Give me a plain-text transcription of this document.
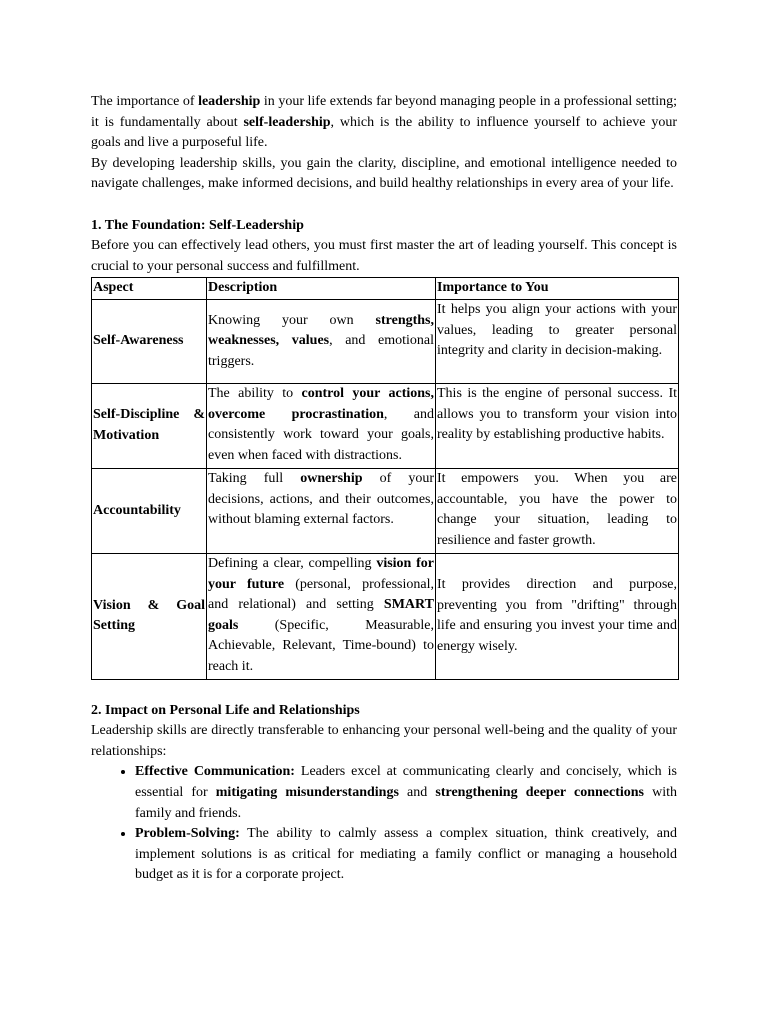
The importance of leadership in your life extends far beyond managing people in a professional setting; it is fundamentally about self-leadership, which is the ability to influence yourself to achieve your goals and live a purposeful life.

By developing leadership skills, you gain the clarity, discipline, and emotional intelligence needed to navigate challenges, make informed decisions, and build healthy relationships in every area of your life.

1. The Foundation: Self-Leadership

Before you can effectively lead others, you must first master the art of leading yourself. This concept is crucial to your personal success and fulfillment.

Aspect	Description	Importance to You
Self-Awareness	Knowing your own strengths, weaknesses, values, and emotional triggers.	It helps you align your actions with your values, leading to greater personal integrity and clarity in decision-making.
Self-Discipline & Motivation	The ability to control your actions, overcome procrastination, and consistently work toward your goals, even when faced with distractions.	This is the engine of personal success. It allows you to transform your vision into reality by establishing productive habits.
Accountability	Taking full ownership of your decisions, actions, and their outcomes, without blaming external factors.	It empowers you. When you are accountable, you have the power to change your situation, leading to resilience and faster growth.
Vision & Goal Setting	Defining a clear, compelling vision for your future (personal, professional, and relational) and setting SMART goals (Specific, Measurable, Achievable, Relevant, Time-bound) to reach it.	It provides direction and purpose, preventing you from "drifting" through life and ensuring you invest your time and energy wisely.
2. Impact on Personal Life and Relationships

Leadership skills are directly transferable to enhancing your personal well-being and the quality of your relationships:

• Effective Communication: Leaders excel at communicating clearly and concisely, which is essential for mitigating misunderstandings and strengthening deeper connections with family and friends.
• Problem-Solving: The ability to calmly assess a complex situation, think creatively, and implement solutions is as critical for mediating a family conflict or managing a household budget as it is for a corporate project.
